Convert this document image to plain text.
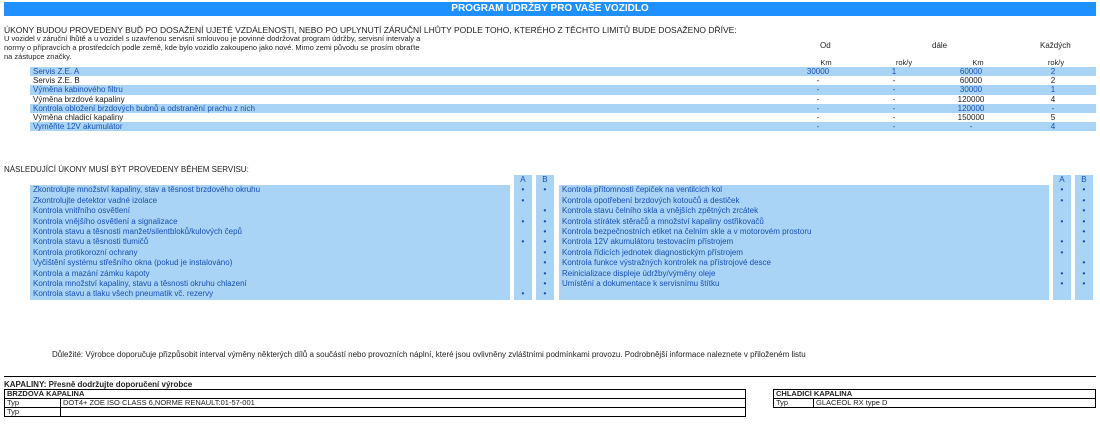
PROGRAM ÚDRŽBY PRO VAŠE VOZIDLO
ÚKONY BUDOU PROVEDENY BUĎ PO DOSAŽENÍ UJETÉ VZDÁLENOSTI, NEBO PO UPLYNUTÍ ZÁRUČNÍ LHŮTY PODLE TOHO, KTERÉHO Z TĚCHTO LIMITŮ BUDE DOSAŽENO DŘÍVE:
U vozidel v záruční lhůtě a u vozidel s uzavřenou servisní smlouvou je povinné dodržovat program údržby, servisní intervaly a normy o přípravcích a prostředcích podle země, kde bylo vozidlo zakoupeno jako nové. Mimo zemi původu se prosím obraťte na zástupce značky.
Od	dále	Každých
Km	rok/y	Km	rok/y
Servis Z.E. A	30000	1	60000	2
Servis Z.E. B	-	-	60000	2
Výměna kabinového filtru	-	-	30000	1
Výměna brzdové kapaliny	-	-	120000	4
Kontrola obložení brzdových bubnů a odstranění prachu z nich	-	-	120000	-
Výměna chladicí kapaliny	-	-	150000	5
Vyměňte 12V akumulátor	-	-	-	4
NÁSLEDUJÍCÍ ÚKONY MUSÍ BÝT PROVEDENY BĚHEM SERVISU:
		A		B
Zkontrolujte množství kapaliny, stav a těsnost brzdového okruhu		•		•
Zkontrolujte detektor vadné izolace		•		
Kontrola vnitřního osvětlení				•
Kontrola vnějšího osvětlení a signalizace		•		•
Kontrola stavu a těsnosti manžet/silentbloků/kulových čepů				•
Kontrola stavu a těsnosti tlumičů		•		•
Kontrola protikorozní ochrany				•
Vyčištění systému střešního okna (pokud je instalováno)				•
Kontrola a mazání zámku kapoty				•
Kontrola množství kapaliny, stavu a těsnosti okruhu chlazení				•
Kontrola stavu a tlaku všech pneumatik vč. rezervy		•		•
		A		B
Kontrola přítomnosti čepiček na ventilcích kol		•		•
Kontrola opotřebení brzdových kotoučů a destiček		•		•
Kontrola stavu čelního skla a vnějších zpětných zrcátek				•
Kontrola stírátek stěračů a množství kapaliny ostřikovačů		•		•
Kontrola bezpečnostních etiket na čelním skle a v motorovém prostoru				•
Kontrola 12V akumulátoru testovacím přístrojem		•		•
Kontrola řídicích jednotek diagnostickým přístrojem		•		
Kontrola funkce výstražných kontrolek na přístrojové desce				•
Reinicializace displeje údržby/výměny oleje		•		•
Umístění a dokumentace k servisnímu štítku		•		•

Důležité: Výrobce doporučuje přizpůsobit interval výměny některých dílů a součástí nebo provozních náplní, které jsou ovlivněny zvláštními podmínkami provozu. Podrobnější informace naleznete v přiloženém listu
KAPALINY: Přesně dodržujte doporučení výrobce
BRZDOVÁ KAPALINA	
Typ	DOT4+ ZOE ISO CLASS 6,NORME RENAULT:01-57-001
Typ	
CHLADICÍ KAPALINA
Typ	GLACEOL RX type D
